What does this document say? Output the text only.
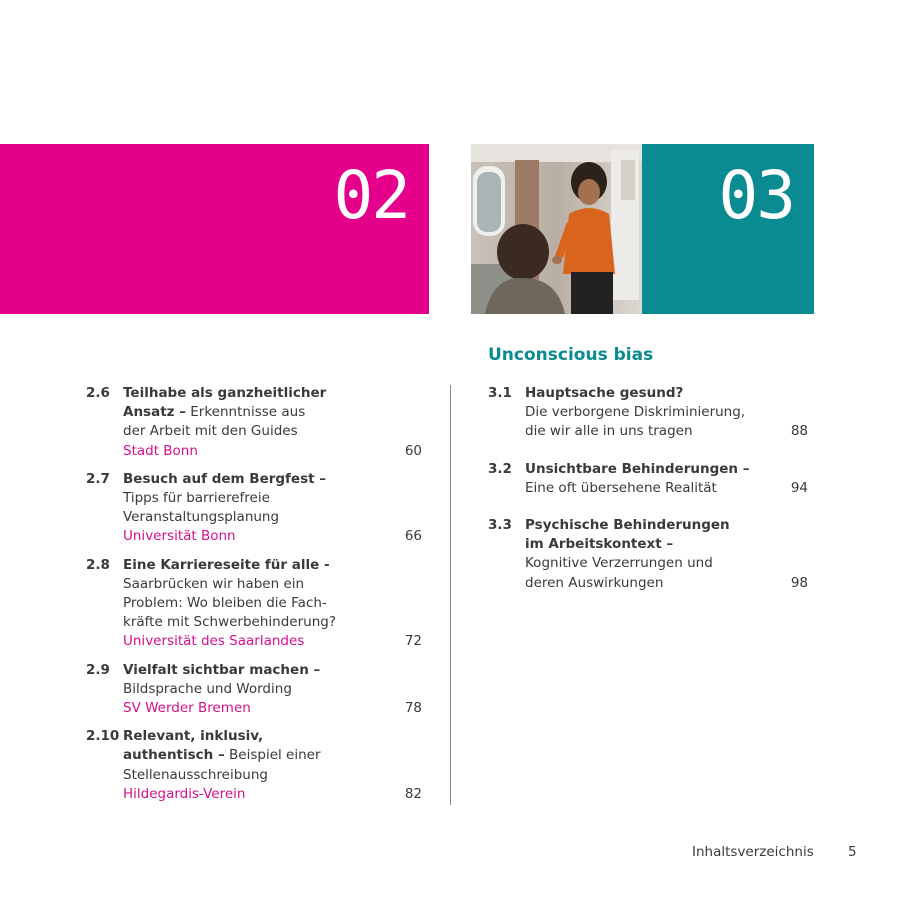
02	03
Unconscious bias
2.6 Teilhabe als ganzheitlicher
Ansatz – Erkenntnisse aus
der Arbeit mit den Guides
Stadt Bonn	60
2.7 Besuch auf dem Bergfest –
Tipps für barrierefreie
Veranstaltungsplanung
Universität Bonn	66
2.8 Eine Karriereseite für alle -
Saarbrücken wir haben ein
Problem: Wo bleiben die Fach-
kräfte mit Schwerbehinderung?
Universität des Saarlandes	72
2.9 Vielfalt sichtbar machen –
Bildsprache und Wording
SV Werder Bremen	78
2.10 Relevant, inklusiv,
authentisch – Beispiel einer
Stellenausschreibung
Hildegardis-Verein	82
3.1 Hauptsache gesund?
Die verborgene Diskriminierung,
die wir alle in uns tragen	88
3.2 Unsichtbare Behinderungen –
Eine oft übersehene Realität	94
3.3 Psychische Behinderungen
im Arbeitskontext –
Kognitive Verzerrungen und
deren Auswirkungen	98
Inhaltsverzeichnis	5
